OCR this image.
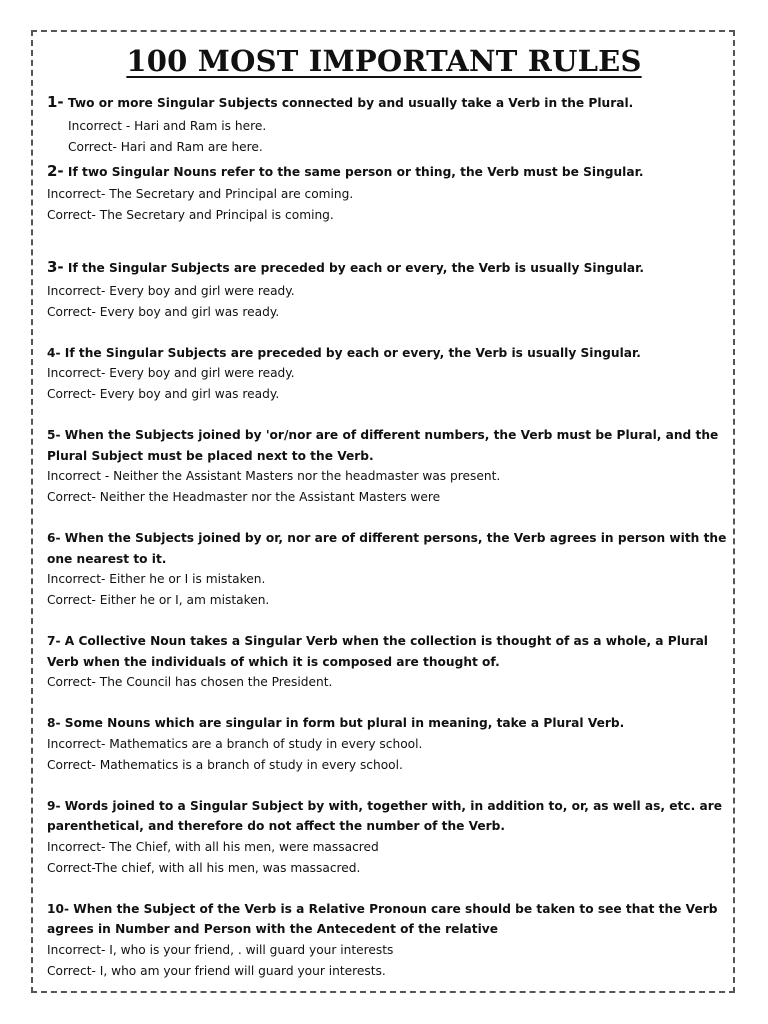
100 MOST IMPORTANT RULES

1- Two or more Singular Subjects connected by and usually take a Verb in the Plural.

Incorrect - Hari and Ram is here.

Correct- Hari and Ram are here.

2- If two Singular Nouns refer to the same person or thing, the Verb must be Singular.

Incorrect- The Secretary and Principal are coming.

Correct- The Secretary and Principal is coming.

3- If the Singular Subjects are preceded by each or every, the Verb is usually Singular.

Incorrect- Every boy and girl were ready.

Correct- Every boy and girl was ready.

4- If the Singular Subjects are preceded by each or every, the Verb is usually Singular.

Incorrect- Every boy and girl were ready.

Correct- Every boy and girl was ready.

5- When the Subjects joined by 'or/nor are of different numbers, the Verb must be Plural, and the Plural Subject must be placed next to the Verb.

Incorrect - Neither the Assistant Masters nor the headmaster was present.

Correct- Neither the Headmaster nor the Assistant Masters were

6- When the Subjects joined by or, nor are of different persons, the Verb agrees in person with the one nearest to it.

Incorrect- Either he or I is mistaken.

Correct- Either he or I, am mistaken.

7- A Collective Noun takes a Singular Verb when the collection is thought of as a whole, a Plural Verb when the individuals of which it is composed are thought of.

Correct- The Council has chosen the President.

8- Some Nouns which are singular in form but plural in meaning, take a Plural Verb.

Incorrect- Mathematics are a branch of study in every school.

Correct- Mathematics is a branch of study in every school.

9- Words joined to a Singular Subject by with, together with, in addition to, or, as well as, etc. are parenthetical, and therefore do not affect the number of the Verb.

Incorrect- The Chief, with all his men, were massacred

Correct-The chief, with all his men, was massacred.

10- When the Subject of the Verb is a Relative Pronoun care should be taken to see that the Verb agrees in Number and Person with the Antecedent of the relative

Incorrect- I, who is your friend, . will guard your interests

Correct- I, who am your friend will guard your interests.
